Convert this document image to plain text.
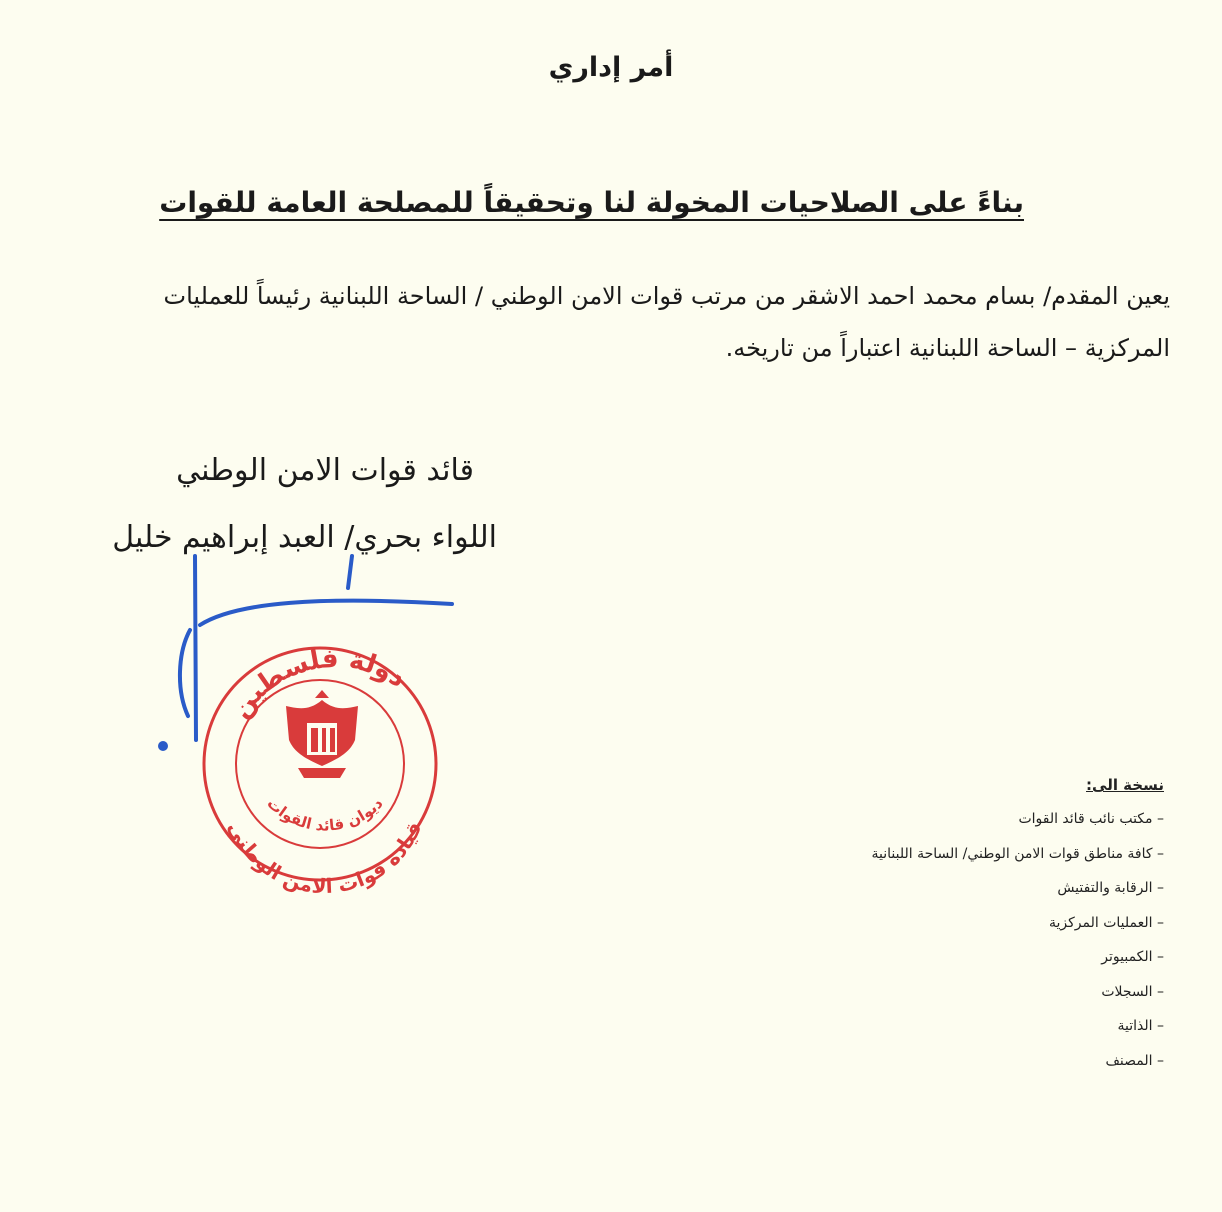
أمر إداري
بناءً على الصلاحيات المخولة لنا وتحقيقاً للمصلحة العامة للقوات
يعين المقدم/ بسام محمد احمد الاشقر من مرتب قوات الامن الوطني / الساحة اللبنانية رئيساً للعمليات المركزية – الساحة اللبنانية اعتباراً من تاريخه.
قائد قوات الامن الوطني
اللواء بحري/ العبد إبراهيم خليل
دولة فلسطين
قيادة قوات الامن الوطني
ديوان قائد القوات
نسخة الى:
– مكتب نائب قائد القوات
– كافة مناطق قوات الامن الوطني/ الساحة اللبنانية
– الرقابة والتفتيش
– العمليات المركزية
– الكمبيوتر
– السجلات
– الذاتية
– المصنف
